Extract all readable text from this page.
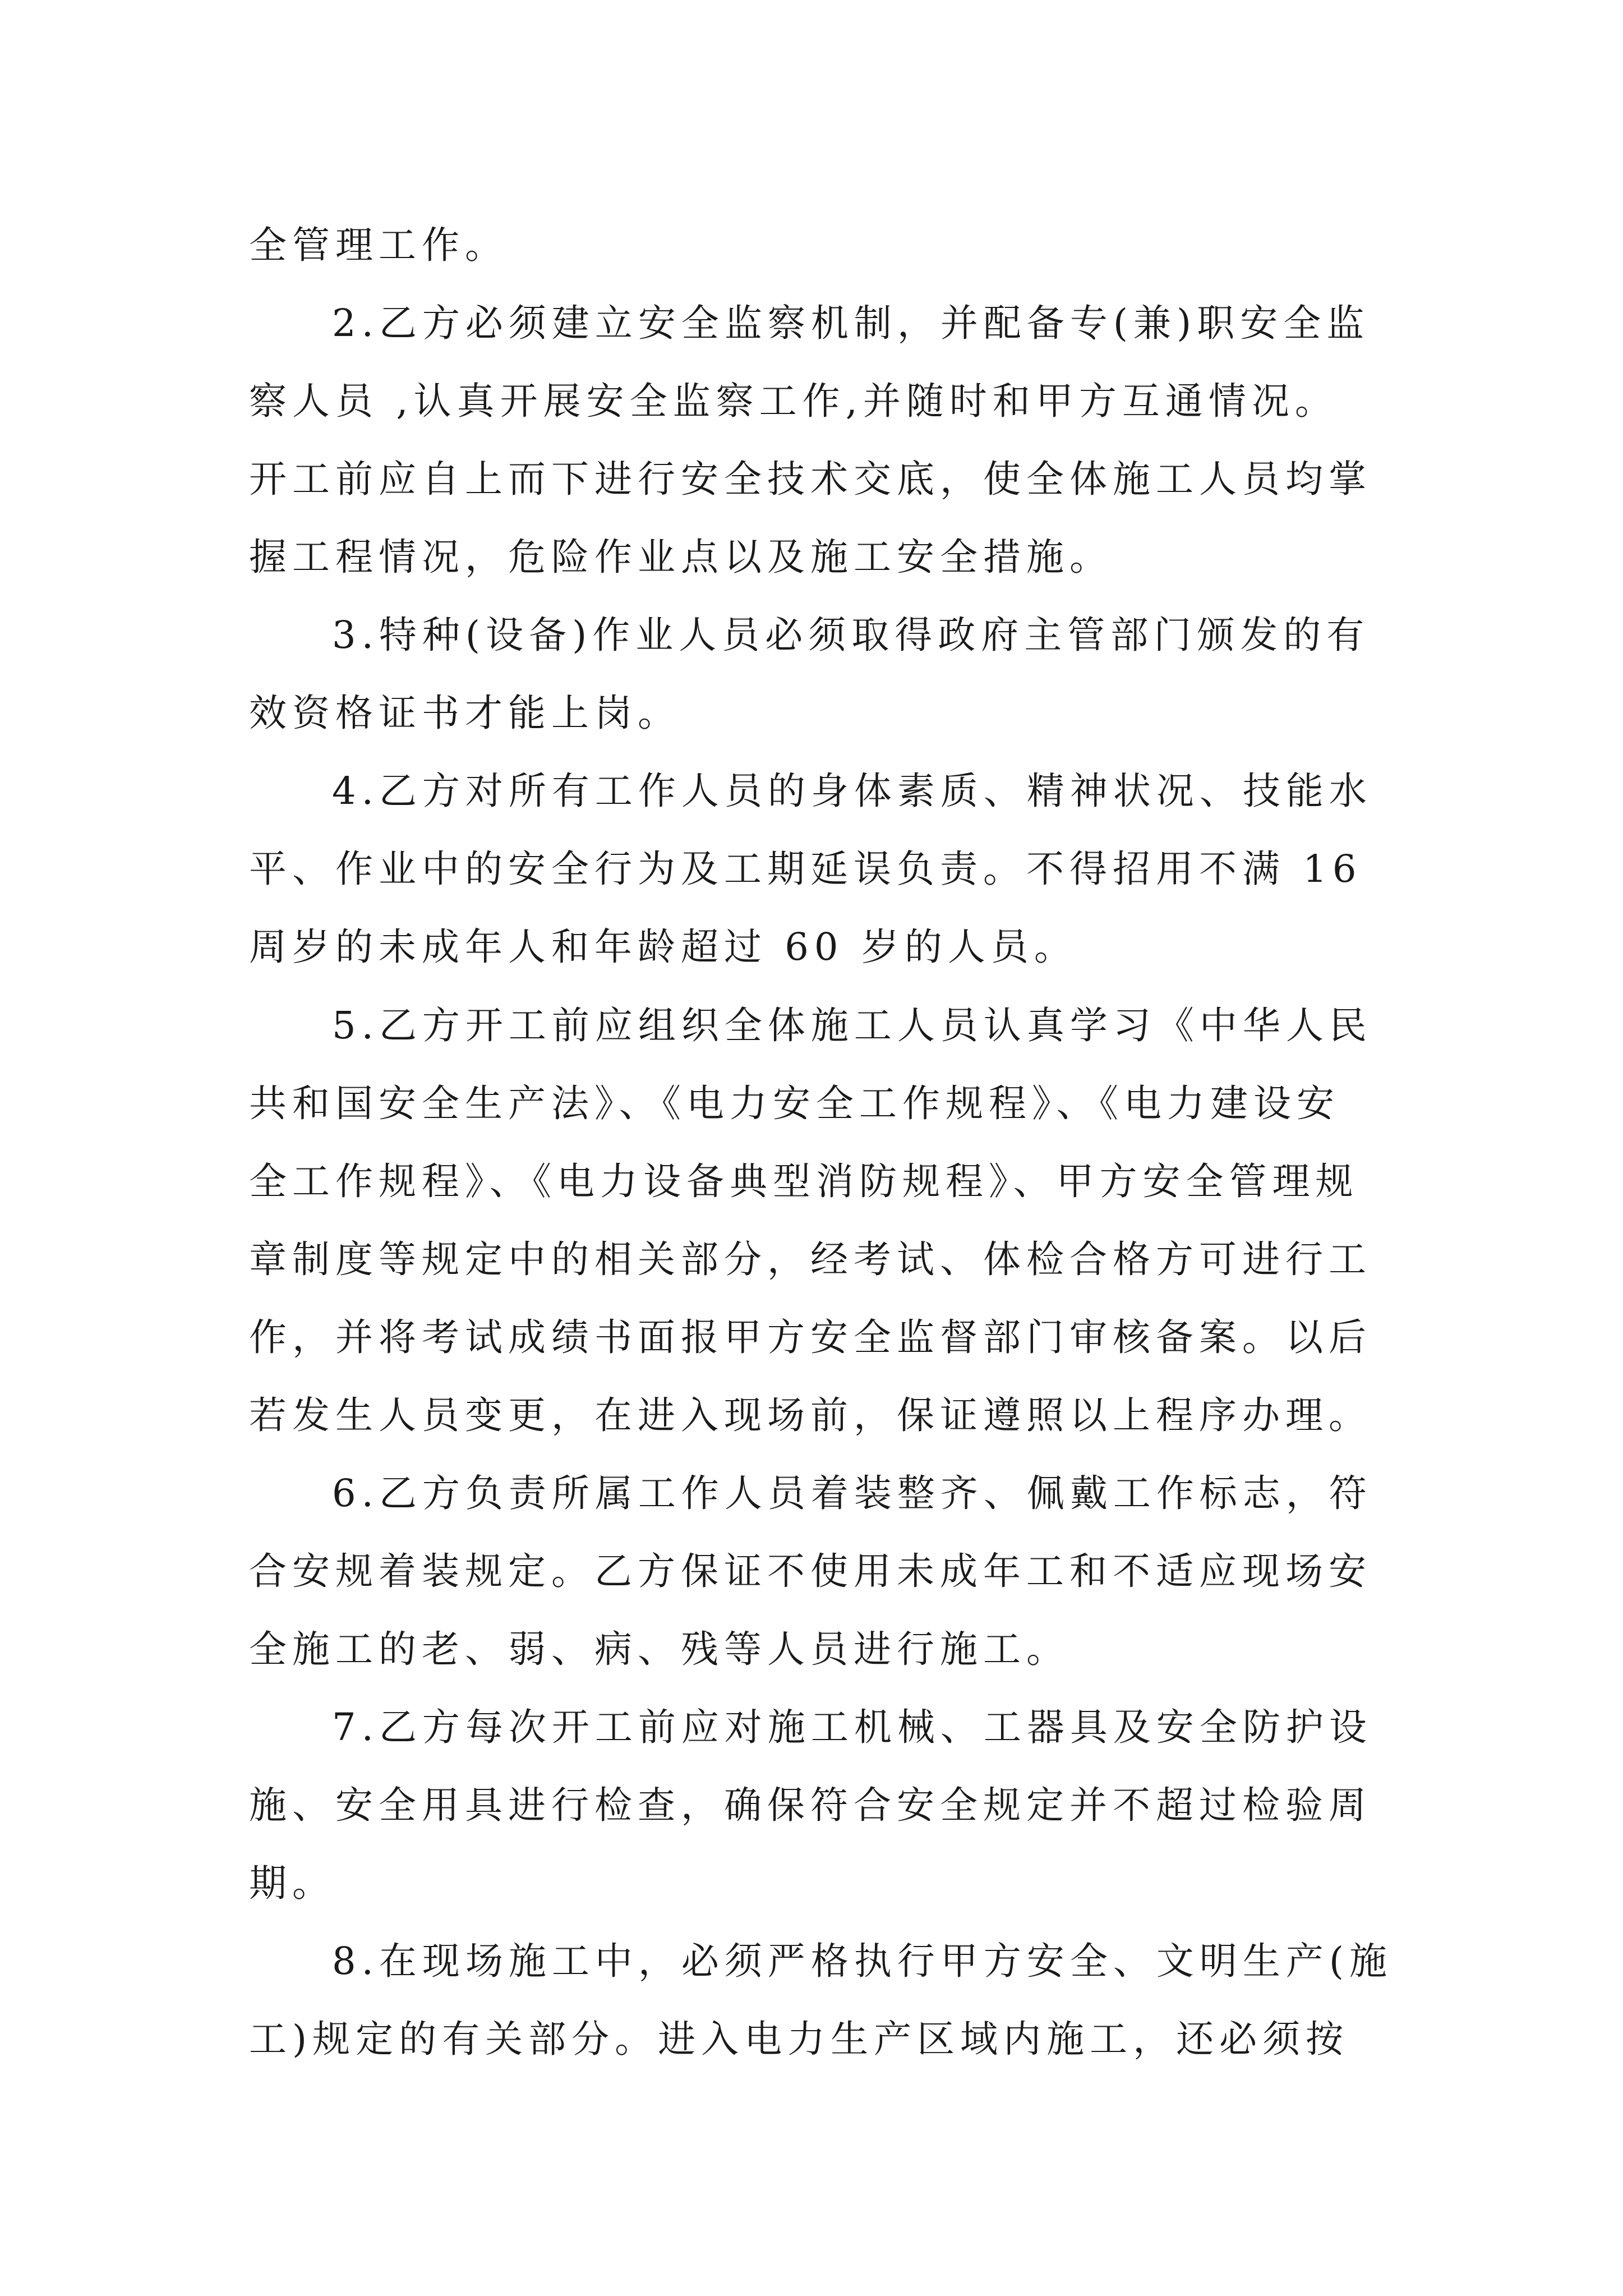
全管理工作。
2.乙方必须建立安全监察机制，并配备专(兼)职安全监
察人员 ,认真开展安全监察工作,并随时和甲方互通情况。
开工前应自上而下进行安全技术交底，使全体施工人员均掌
握工程情况，危险作业点以及施工安全措施。
3.特种(设备)作业人员必须取得政府主管部门颁发的有
效资格证书才能上岗。
4.乙方对所有工作人员的身体素质、精神状况、技能水
平、作业中的安全行为及工期延误负责。不得招用不满 16
周岁的未成年人和年龄超过 60 岁的人员。
5.乙方开工前应组织全体施工人员认真学习《中华人民
共和国安全生产法》、《电力安全工作规程》、《电力建设安
全工作规程》、《电力设备典型消防规程》、甲方安全管理规
章制度等规定中的相关部分，经考试、体检合格方可进行工
作，并将考试成绩书面报甲方安全监督部门审核备案。以后
若发生人员变更，在进入现场前，保证遵照以上程序办理。
6.乙方负责所属工作人员着装整齐、佩戴工作标志，符
合安规着装规定。乙方保证不使用未成年工和不适应现场安
全施工的老、弱、病、残等人员进行施工。
7.乙方每次开工前应对施工机械、工器具及安全防护设
施、安全用具进行检查，确保符合安全规定并不超过检验周
期。
8.在现场施工中，必须严格执行甲方安全、文明生产(施
工)规定的有关部分。进入电力生产区域内施工，还必须按
